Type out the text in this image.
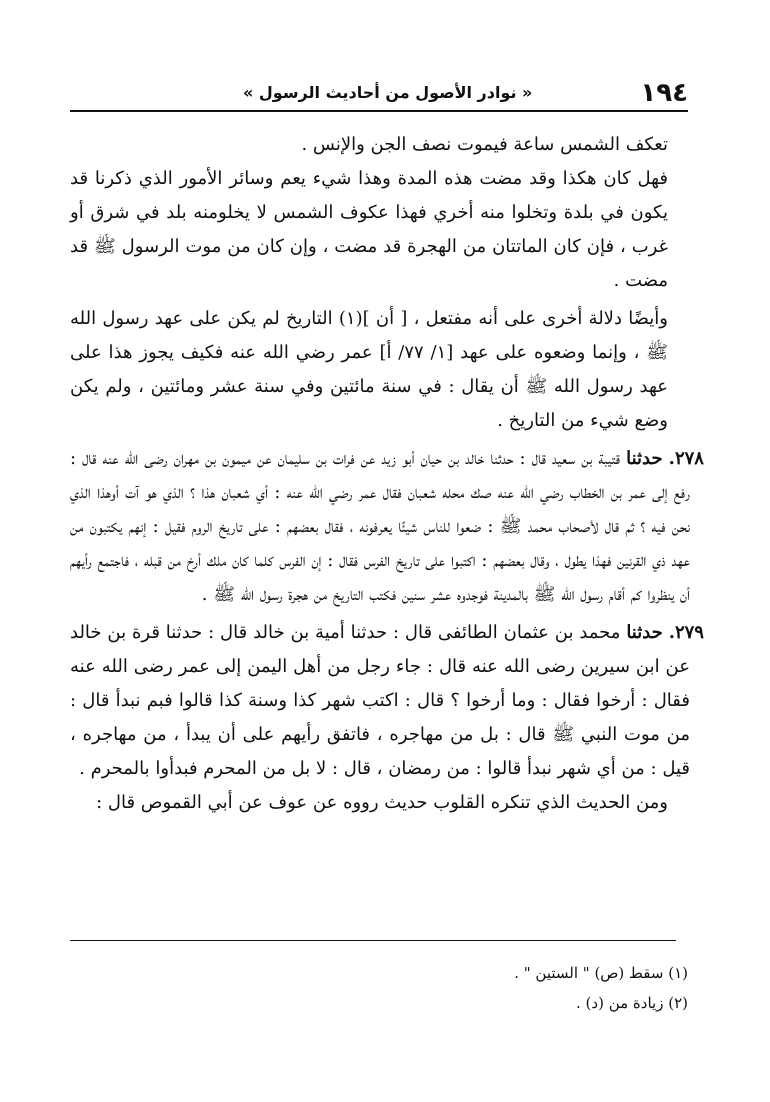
١٩٤
« نوادر الأصول من أحاديث الرسول »

تعكف الشمس ساعة فيموت نصف الجن والإنس .

فهل كان هكذا وقد مضت هذه المدة وهذا شيء يعم وسائر الأمور الذي ذكرنا قد يكون في بلدة وتخلوا منه أخري فهذا عكوف الشمس لا يخلومنه بلد في شرق أو غرب ، فإن كان الماتتان من الهجرة قد مضت ، وإن كان من موت الرسول ﷺ قد مضت .

وأيضًا دلالة أخرى على أنه مفتعل ، [ أن ](١) التاريخ لم يكن على عهد رسول الله ﷺ ، وإنما وضعوه على عهد [١/ ٧٧/ أ] عمر رضي الله عنه فكيف يجوز هذا على عهد رسول الله ﷺ أن يقال : في سنة مائتين وفي سنة عشر ومائتين ، ولم يكن وضع شيء من التاريخ .

٢٧٨. حدثنا قتيبة بن سعيد قال : حدثنا خالد بن حيان أبو زيد عن فرات بن سليمان عن ميمون بن مهران رضى الله عنه قال : رفع إلى عمر بن الخطاب رضي الله عنه صك محله شعبان فقال عمر رضي الله عنه : أي شعبان هذا ؟ الذي هو آت أوهذا الذي نحن فيه ؟ ثم قال لأصحاب محمد ﷺ : ضعوا للناس شيئًا يعرفونه ، فقال بعضهم : على تاريخ الروم فقيل : إنهم يكتبون من عهد ذي القرنين فهذا يطول ، وقال بعضهم : اكتبوا على تاريخ الفرس فقال : إن الفرس كلما كان ملك أرخ من قبله ، فاجتمع رأيهم أن ينظروا كم أقام رسول الله ﷺ بالمدينة فوجدوه عشر سنين فكتب التاريخ من هجرة رسول الله ﷺ .

٢٧٩. حدثنا محمد بن عثمان الطائفى قال : حدثنا أمية بن خالد قال : حدثنا قرة بن خالد عن ابن سيرين رضى الله عنه قال : جاء رجل من أهل اليمن إلى عمر رضى الله عنه فقال : أرخوا فقال : وما أرخوا ؟ قال : اكتب شهر كذا وسنة كذا قالوا فبم نبدأ قال : من موت النبي ﷺ قال : بل من مهاجره ، فاتفق رأيهم على أن يبدأ ، من مهاجره ، قيل : من أي شهر نبدأ قالوا : من رمضان ، قال : لا بل من المحرم فبدأوا بالمحرم .

ومن الحديث الذي تنكره القلوب حديث رووه عن عوف عن أبي القموص قال :

(١) سقط (ص) " الستين " .

(٢) زيادة من (د) .
